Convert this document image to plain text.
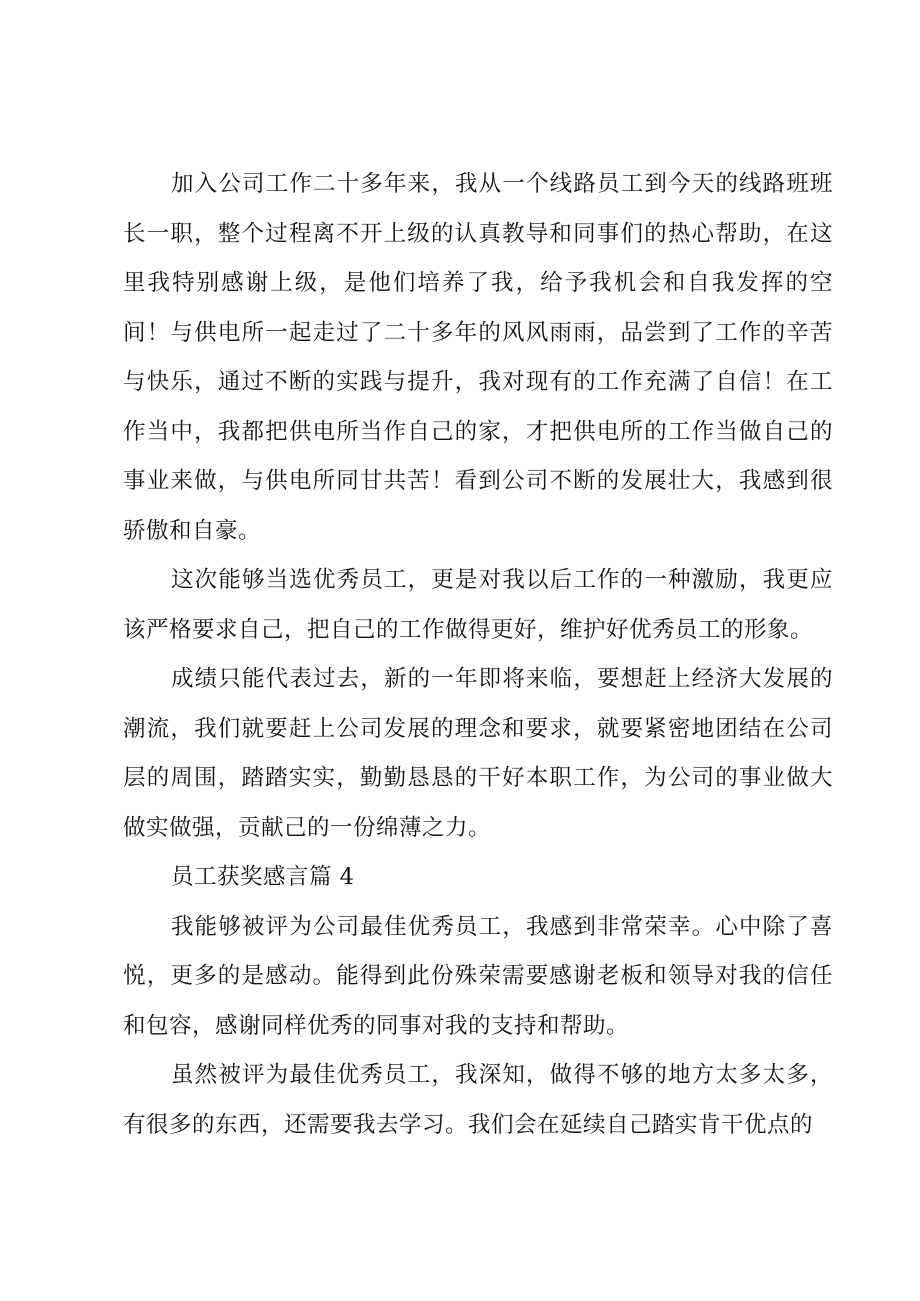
加入公司工作二十多年来，我从一个线路员工到今天的线路班班长一职，整个过程离不开上级的认真教导和同事们的热心帮助，在这里我特别感谢上级，是他们培养了我，给予我机会和自我发挥的空间！与供电所一起走过了二十多年的风风雨雨，品尝到了工作的辛苦与快乐，通过不断的实践与提升，我对现有的工作充满了自信！在工作当中，我都把供电所当作自己的家，才把供电所的工作当做自己的事业来做，与供电所同甘共苦！看到公司不断的发展壮大，我感到很骄傲和自豪。

这次能够当选优秀员工，更是对我以后工作的一种激励，我更应该严格要求自己，把自己的工作做得更好，维护好优秀员工的形象。

成绩只能代表过去，新的一年即将来临，要想赶上经济大发展的潮流，我们就要赶上公司发展的理念和要求，就要紧密地团结在公司层的周围，踏踏实实，勤勤恳恳的干好本职工作，为公司的事业做大做实做强，贡献己的一份绵薄之力。

员工获奖感言篇 4

我能够被评为公司最佳优秀员工，我感到非常荣幸。心中除了喜悦，更多的是感动。能得到此份殊荣需要感谢老板和领导对我的信任和包容，感谢同样优秀的同事对我的支持和帮助。

虽然被评为最佳优秀员工，我深知，做得不够的地方太多太多，有很多的东西，还需要我去学习。我们会在延续自己踏实肯干优点的
